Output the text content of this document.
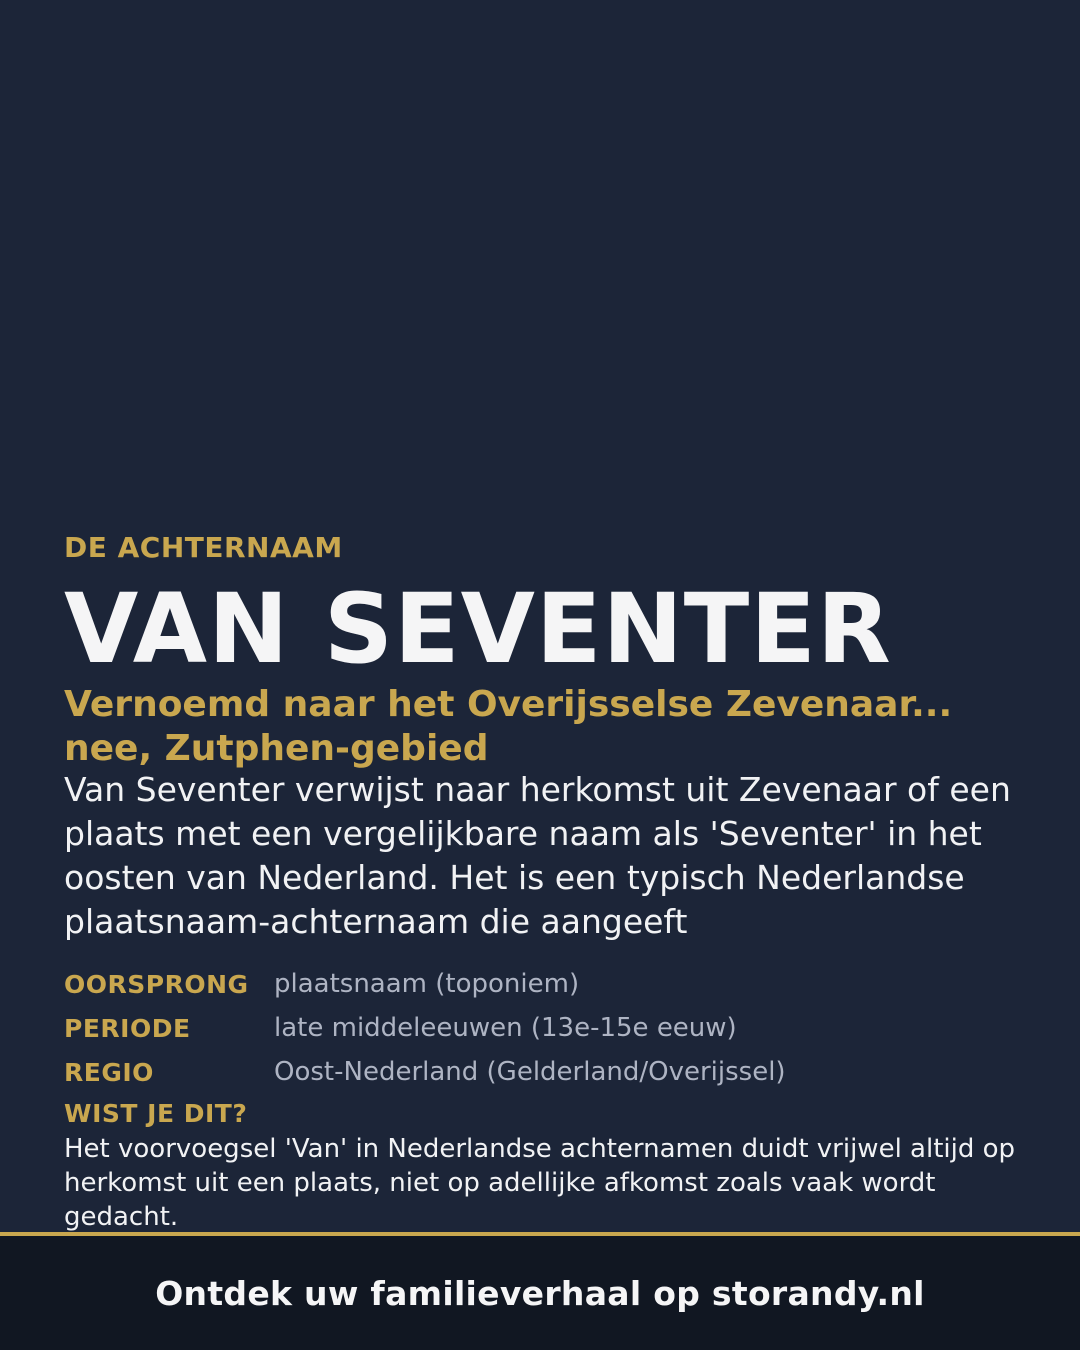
DE ACHTERNAAM
VAN SEVENTER
Vernoemd naar het Overijsselse Zevenaar... nee, Zutphen-gebied
Van Seventer verwijst naar herkomst uit Zevenaar of een plaats met een vergelijkbare naam als 'Seventer' in het oosten van Nederland. Het is een typisch Nederlandse plaatsnaam-achternaam die aangeeft
OORSPRONG plaatsnaam (toponiem)
PERIODE	late middeleeuwen (13e-15e eeuw)
REGIO	Oost-Nederland (Gelderland/Overijssel)
WIST JE DIT?
Het voorvoegsel 'Van' in Nederlandse achternamen duidt vrijwel altijd op herkomst uit een plaats, niet op adellijke afkomst zoals vaak wordt gedacht.
Ontdek uw familieverhaal op storandy.nl
